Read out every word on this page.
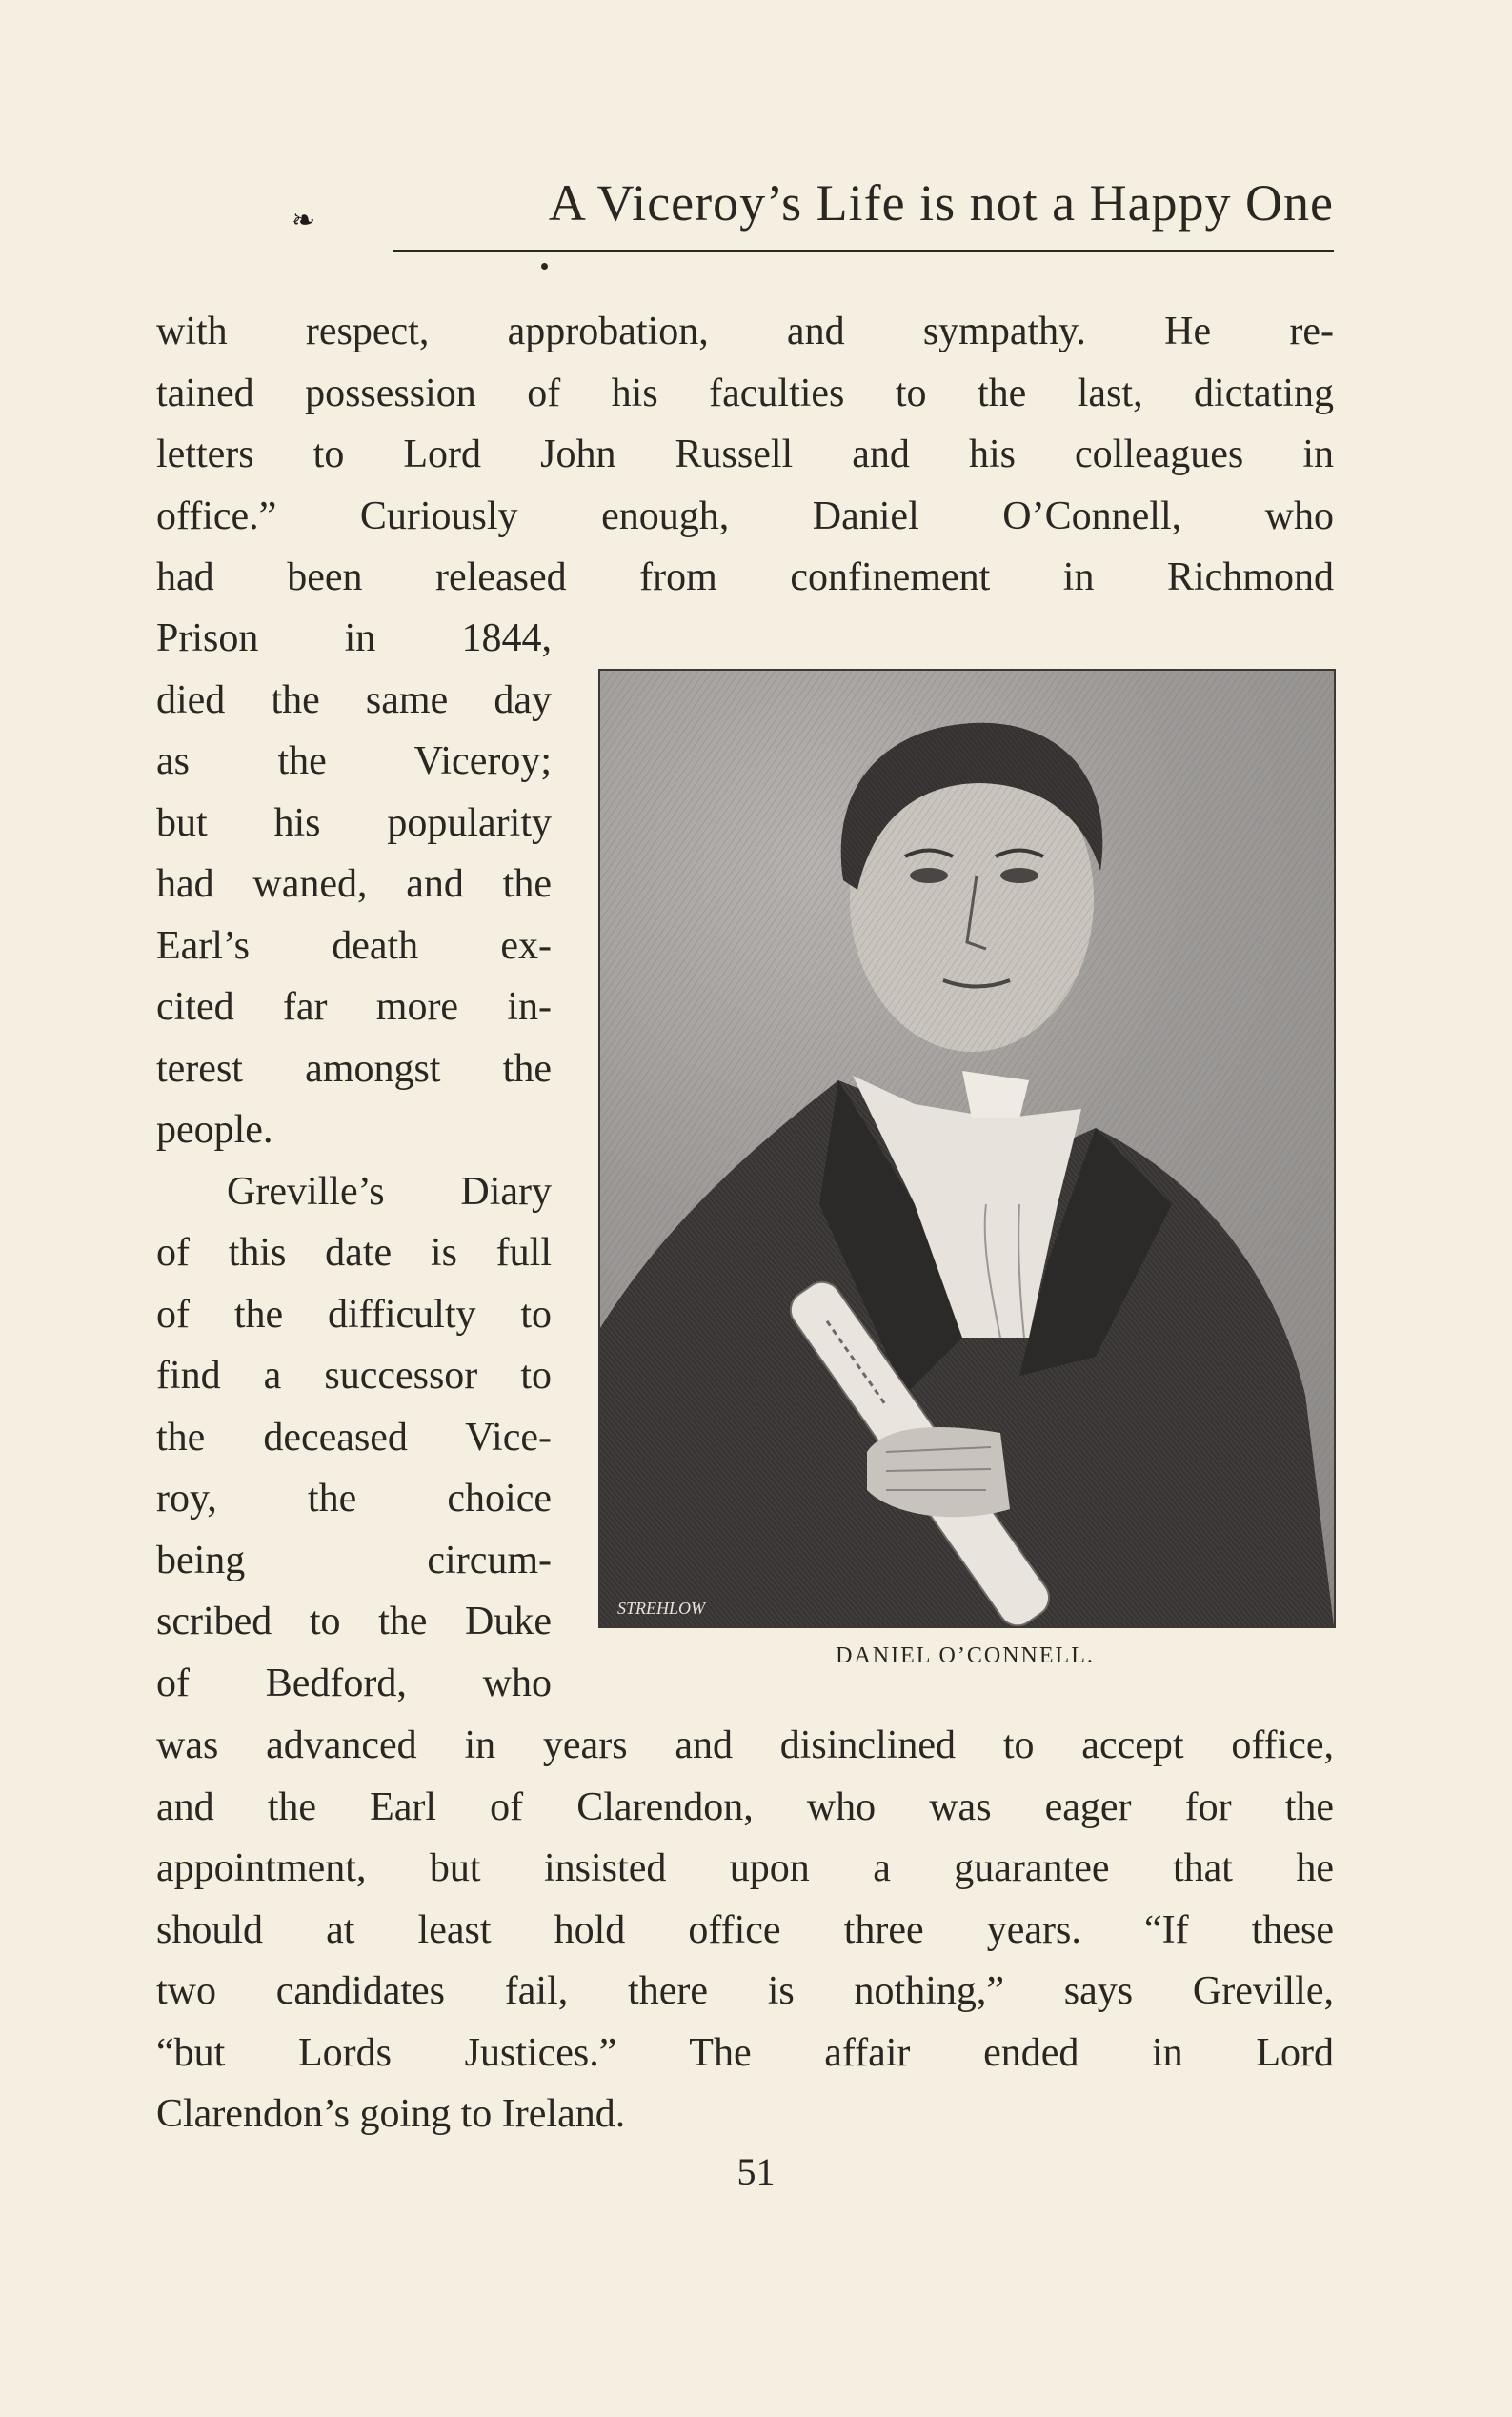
❧	A Viceroy’s Life is not a Happy One
with respect, approbation, and sympathy. He re-
tained possession of his faculties to the last, dictating
letters to Lord John Russell and his colleagues in
office.” Curiously enough, Daniel O’Connell, who
had been released from confinement in Richmond
Prison in 1844,
died the same day
as the Viceroy;
but his popularity
had waned, and the
Earl’s death ex-
cited far more in-
terest amongst the
people.
Greville’s Diary
of this date is full
of the difficulty to
find a successor to
the deceased Vice-
roy, the choice
being circum-
scribed to the Duke
of Bedford, who
STREHLOW
DANIEL O’CONNELL.
was advanced in years and disinclined to accept office,
and the Earl of Clarendon, who was eager for the
appointment, but insisted upon a guarantee that he
should at least hold office three years. “If these
two candidates fail, there is nothing,” says Greville,
“but Lords Justices.” The affair ended in Lord
Clarendon’s going to Ireland.
51
